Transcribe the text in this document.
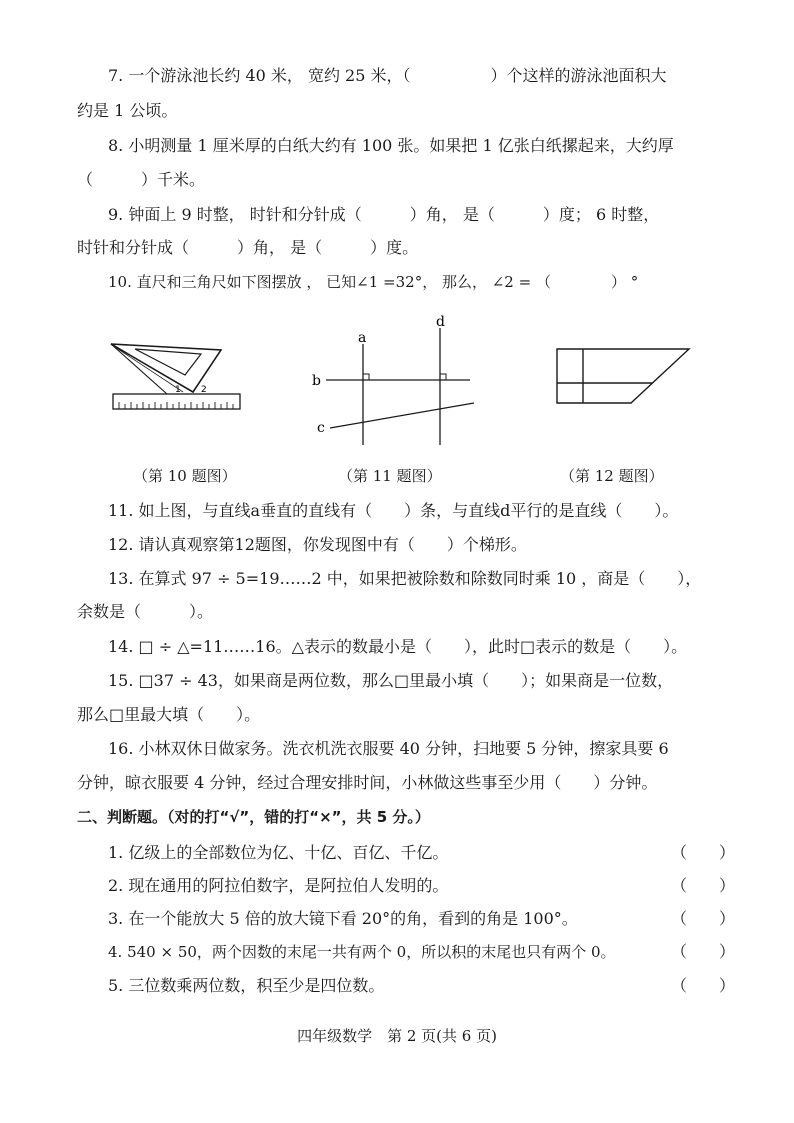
7. 一个游泳池长约 40 米， 宽约 25 米，（　　　　　）个这样的游泳池面积大
约是 1 公顷。
8. 小明测量 1 厘米厚的白纸大约有 100 张。如果把 1 亿张白纸摞起来，大约厚
（　　　）千米。
9. 钟面上 9 时整， 时针和分针成（　　　）角， 是（　　　）度； 6 时整，
时针和分针成（　　　）角， 是（　　　）度。
10. 直尺和三角尺如下图摆放 ， 已知∠1 =32°， 那么， ∠2 = （　　　　） °
1 2
a
d
b
c
（第 10 题图）	（第 11 题图）	（第 12 题图）
11. 如上图，与直线a垂直的直线有（　　）条，与直线d平行的是直线（　　）。
12. 请认真观察第12题图，你发现图中有（　　）个梯形。
13. 在算式 97 ÷ 5=19……2 中，如果把被除数和除数同时乘 10 ，商是（　　），
余数是（　　　）。
14. □ ÷ △=11……16。△表示的数最小是（　　），此时□表示的数是（　　）。
15. □37 ÷ 43，如果商是两位数，那么□里最小填（　　）；如果商是一位数，
那么□里最大填（　　）。
16. 小林双休日做家务。洗衣机洗衣服要 40 分钟，扫地要 5 分钟，擦家具要 6
分钟，晾衣服要 4 分钟，经过合理安排时间，小林做这些事至少用（　　）分钟。
二、判断题。（对的打“√”，错的打“×”，共 5 分。）
1. 亿级上的全部数位为亿、十亿、百亿、千亿。	（　　）
2. 现在通用的阿拉伯数字，是阿拉伯人发明的。	（　　）
3. 在一个能放大 5 倍的放大镜下看 20°的角，看到的角是 100°。	（　　）
4. 540 × 50，两个因数的末尾一共有两个 0，所以积的末尾也只有两个 0。	（　　）
5. 三位数乘两位数，积至少是四位数。	（　　）
四年级数学　第 2 页(共 6 页)
